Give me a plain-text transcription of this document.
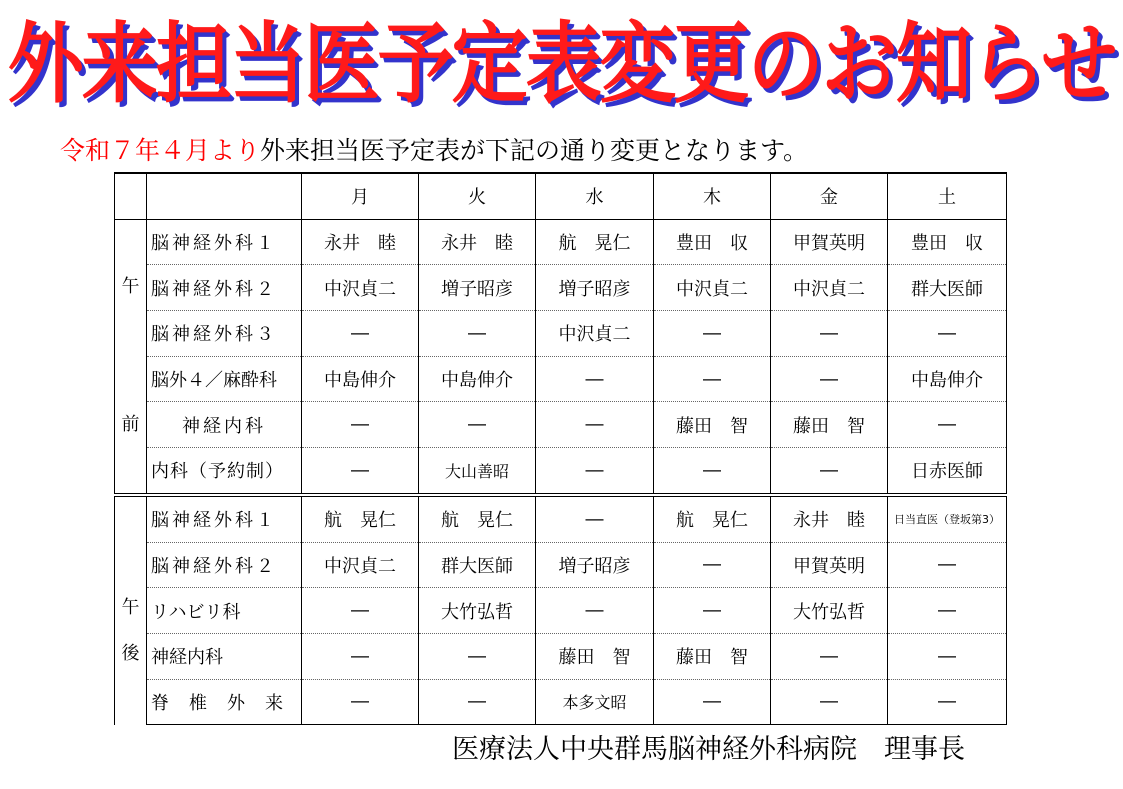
外来担当医予定表変更のお知らせ
令和７年４月より外来担当医予定表が下記の通り変更となります。
		月	火	水	木	金	土

午

前	脳神経外科１	永井　睦	永井　睦	航　晃仁	豊田　収	甲賀英明	豊田　収
	脳神経外科２	中沢貞二	増子昭彦	増子昭彦	中沢貞二	中沢貞二	群大医師
	脳神経外科３	―	―	中沢貞二	―	―	―
	脳外４／麻酔科	中島伸介	中島伸介	―	―	―	中島伸介
	神経内科	―	―	―	藤田　智	藤田　智	―
	内科（予約制）	―	大山善昭	―	―	―	日赤医師

午
後	脳神経外科１	航　晃仁	航　晃仁	―	航　晃仁	永井　睦	日当直医（登坂第3）
	脳神経外科２	中沢貞二	群大医師	増子昭彦	―	甲賀英明	―
	リハビリ科	―	大竹弘哲	―	―	大竹弘哲	―
	神経内科	―	―	藤田　智	藤田　智	―	―
	脊　椎　外　来	―	―	本多文昭	―	―	―
医療法人中央群馬脳神経外科病院　理事長
